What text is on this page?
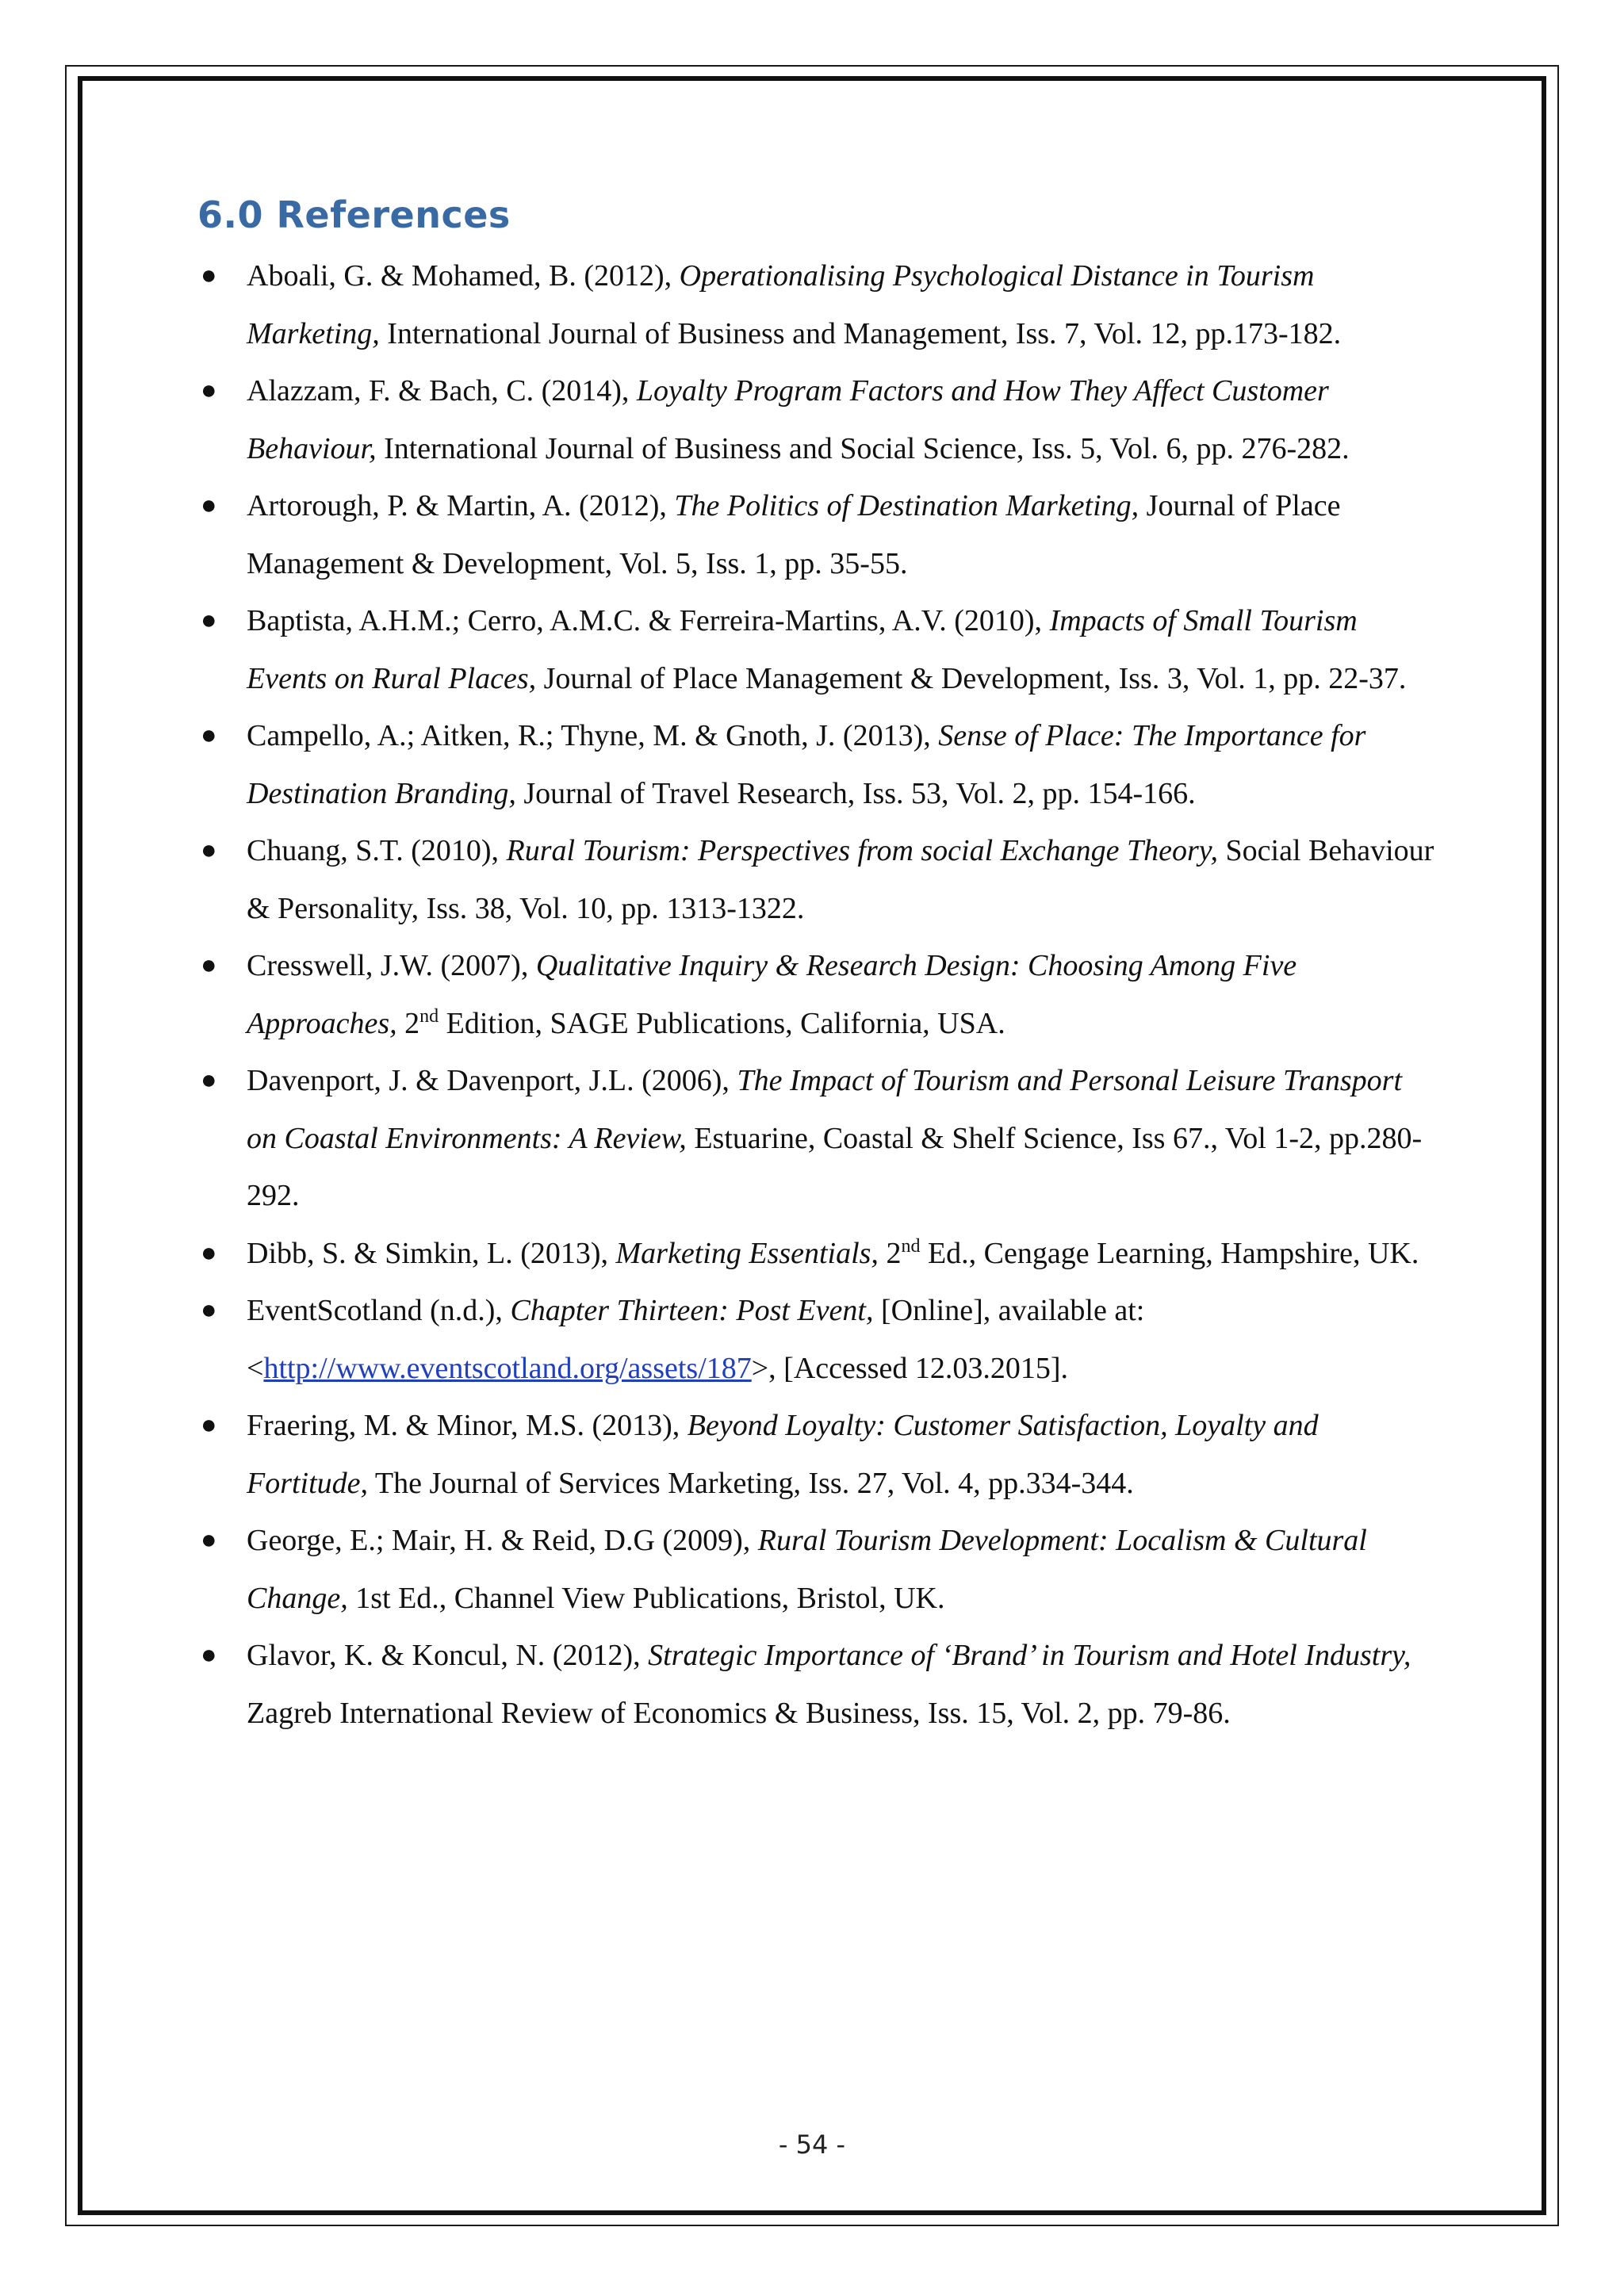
6.0 References
● Aboali, G. & Mohamed, B. (2012), Operationalising Psychological Distance in Tourism Marketing, International Journal of Business and Management, Iss. 7, Vol. 12, pp.173-182.
● Alazzam, F. & Bach, C. (2014), Loyalty Program Factors and How They Affect Customer Behaviour, International Journal of Business and Social Science, Iss. 5, Vol. 6, pp. 276-282.
● Artorough, P. & Martin, A. (2012), The Politics of Destination Marketing, Journal of Place Management & Development, Vol. 5, Iss. 1, pp. 35-55.
● Baptista, A.H.M.; Cerro, A.M.C. & Ferreira-Martins, A.V. (2010), Impacts of Small Tourism Events on Rural Places, Journal of Place Management & Development, Iss. 3, Vol. 1, pp. 22-37.
● Campello, A.; Aitken, R.; Thyne, M. & Gnoth, J. (2013), Sense of Place: The Importance for Destination Branding, Journal of Travel Research, Iss. 53, Vol. 2, pp. 154-166.
● Chuang, S.T. (2010), Rural Tourism: Perspectives from social Exchange Theory, Social Behaviour & Personality, Iss. 38, Vol. 10, pp. 1313-1322.
● Cresswell, J.W. (2007), Qualitative Inquiry & Research Design: Choosing Among Five Approaches, 2nd Edition, SAGE Publications, California, USA.
● Davenport, J. & Davenport, J.L. (2006), The Impact of Tourism and Personal Leisure Transport on Coastal Environments: A Review, Estuarine, Coastal & Shelf Science, Iss 67., Vol 1-2, pp.280-292.
● Dibb, S. & Simkin, L. (2013), Marketing Essentials, 2nd Ed., Cengage Learning, Hampshire, UK.
● EventScotland (n.d.), Chapter Thirteen: Post Event, [Online], available at: <http://www.eventscotland.org/assets/187>, [Accessed 12.03.2015].
● Fraering, M. & Minor, M.S. (2013), Beyond Loyalty: Customer Satisfaction, Loyalty and Fortitude, The Journal of Services Marketing, Iss. 27, Vol. 4, pp.334-344.
● George, E.; Mair, H. & Reid, D.G (2009), Rural Tourism Development: Localism & Cultural Change, 1st Ed., Channel View Publications, Bristol, UK.
● Glavor, K. & Koncul, N. (2012), Strategic Importance of ‘Brand’ in Tourism and Hotel Industry, Zagreb International Review of Economics & Business, Iss. 15, Vol. 2, pp. 79-86.
- 54 -
